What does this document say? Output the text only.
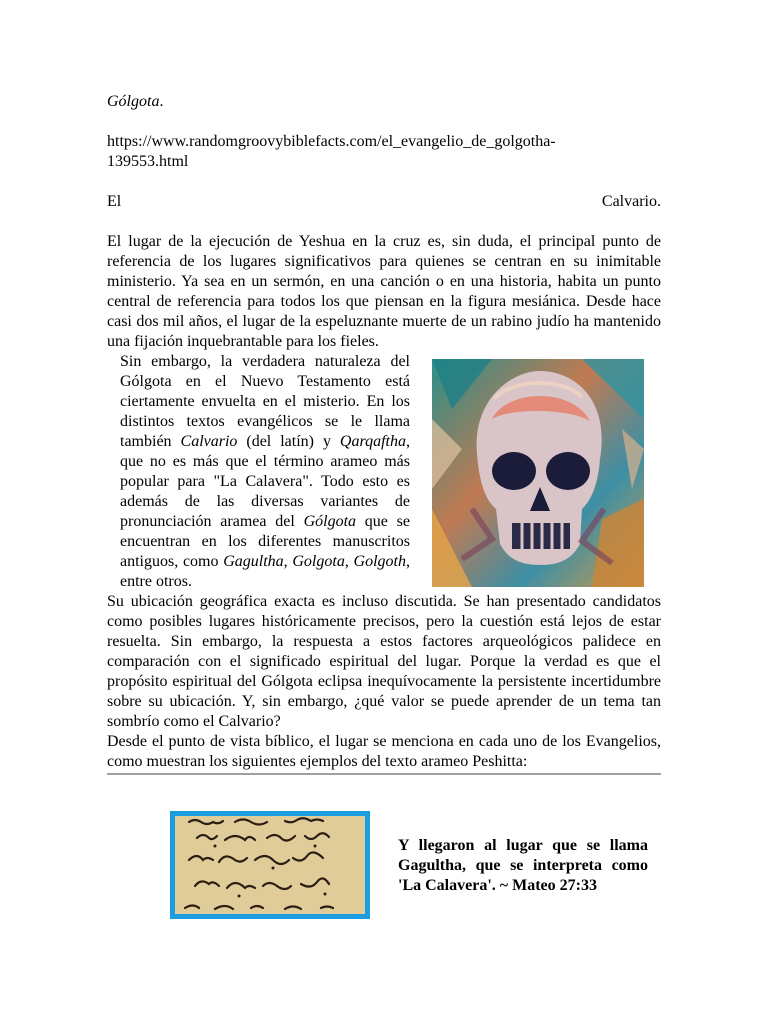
Gólgota.

https://www.randomgroovybiblefacts.com/el_evangelio_de_golgotha-
139553.html

El	Calvario.

El lugar de la ejecución de Yeshua en la cruz es, sin duda, el principal punto de referencia de los lugares significativos para quienes se centran en su inimitable ministerio. Ya sea en un sermón, en una canción o en una historia, habita un punto central de referencia para todos los que piensan en la figura mesiánica. Desde hace casi dos mil años, el lugar de la espeluznante muerte de un rabino judío ha mantenido una fijación inquebrantable para los fieles.

Sin embargo, la verdadera naturaleza del Gólgota en el Nuevo Testamento está ciertamente envuelta en el misterio. En los distintos textos evangélicos se le llama también Calvario (del latín) y Qarqaftha, que no es más que el término arameo más popular para "La Calavera". Todo esto es además de las diversas variantes de pronunciación aramea del Gólgota que se encuentran en los diferentes manuscritos antiguos, como Gagultha, Golgota, Golgoth, entre otros.

Su ubicación geográfica exacta es incluso discutida. Se han presentado candidatos como posibles lugares históricamente precisos, pero la cuestión está lejos de estar resuelta. Sin embargo, la respuesta a estos factores arqueológicos palidece en comparación con el significado espiritual del lugar. Porque la verdad es que el propósito espiritual del Gólgota eclipsa inequívocamente la persistente incertidumbre sobre su ubicación. Y, sin embargo, ¿qué valor se puede aprender de un tema tan sombrío como el Calvario?

Desde el punto de vista bíblico, el lugar se menciona en cada uno de los Evangelios, como muestran los siguientes ejemplos del texto arameo Peshitta:

Y llegaron al lugar que se llama Gagultha, que se interpreta como 'La Calavera'. ~ Mateo 27:33
